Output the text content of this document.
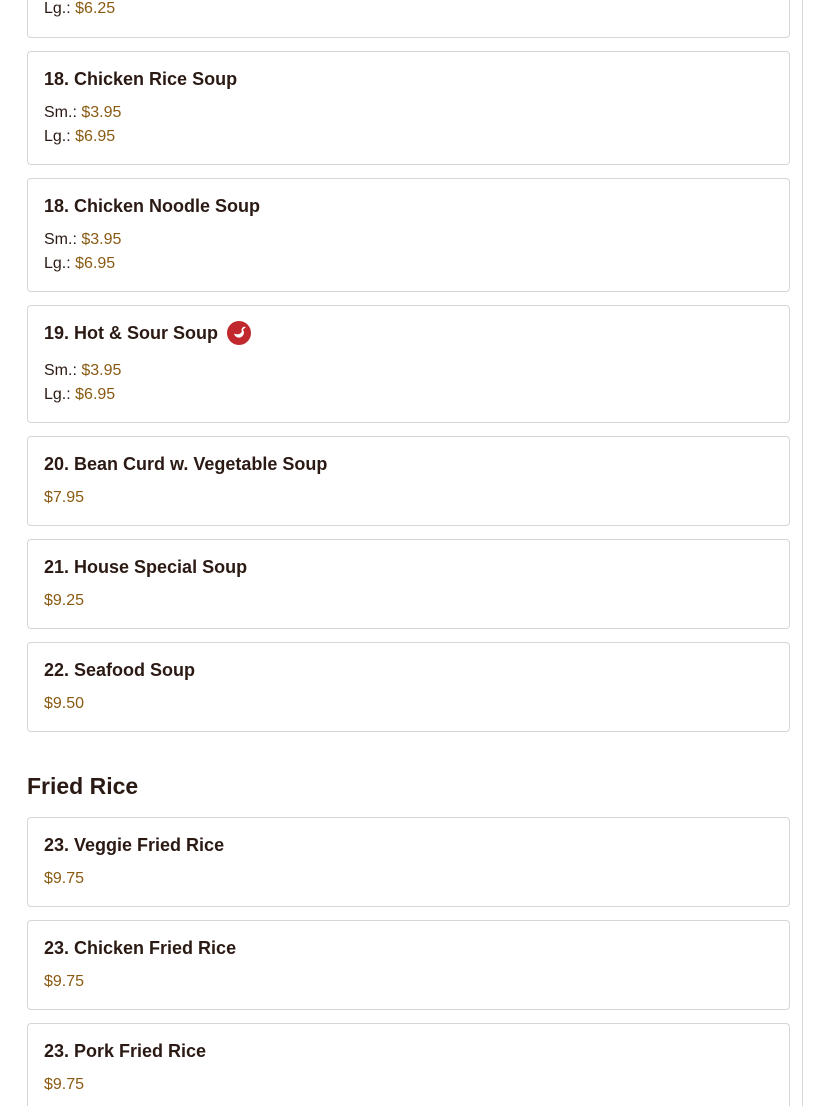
Lg.: $6.25
18. Chicken Rice Soup
Sm.: $3.95
Lg.: $6.95
18. Chicken Noodle Soup
Sm.: $3.95
Lg.: $6.95
19. Hot & Sour Soup
Sm.: $3.95
Lg.: $6.95
20. Bean Curd w. Vegetable Soup
$7.95
21. House Special Soup
$9.25
22. Seafood Soup
$9.50
Fried Rice
23. Veggie Fried Rice
$9.75
23. Chicken Fried Rice
$9.75
23. Pork Fried Rice
$9.75
